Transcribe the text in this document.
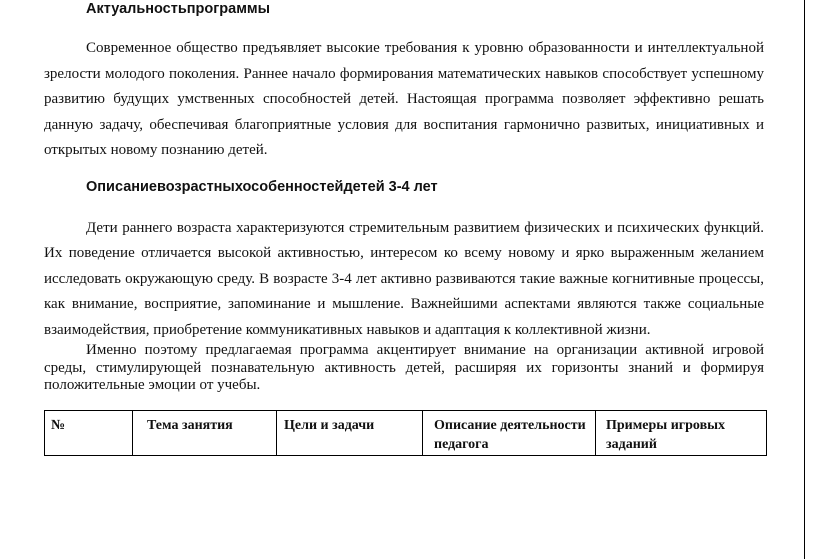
Актуальностьпрограммы

Современное общество предъявляет высокие требования к уровню образованности и интеллектуальной зрелости молодого поколения. Раннее начало формирования математических навыков способствует успешному развитию будущих умственных способностей детей. Настоящая программа позволяет эффективно решать данную задачу, обеспечивая благоприятные условия для воспитания гармонично развитых, инициативных и открытых новому познанию детей.

Описаниевозрастныхособенностейдетей 3-4 лет

Дети раннего возраста характеризуются стремительным развитием физических и психических функций. Их поведение отличается высокой активностью, интересом ко всему новому и ярко выраженным желанием исследовать окружающую среду. В возрасте 3-4 лет активно развиваются такие важные когнитивные процессы, как внимание, восприятие, запоминание и мышление. Важнейшими аспектами являются также социальные взаимодействия, приобретение коммуникативных навыков и адаптация к коллективной жизни.

Именно поэтому предлагаемая программа акцентирует внимание на организации активной игровой среды, стимулирующей познавательную активность детей, расширяя их горизонты знаний и формируя положительные эмоции от учебы.

№	Тема занятия	Цели и задачи	Описание деятельности педагога	Примеры игровых заданий
